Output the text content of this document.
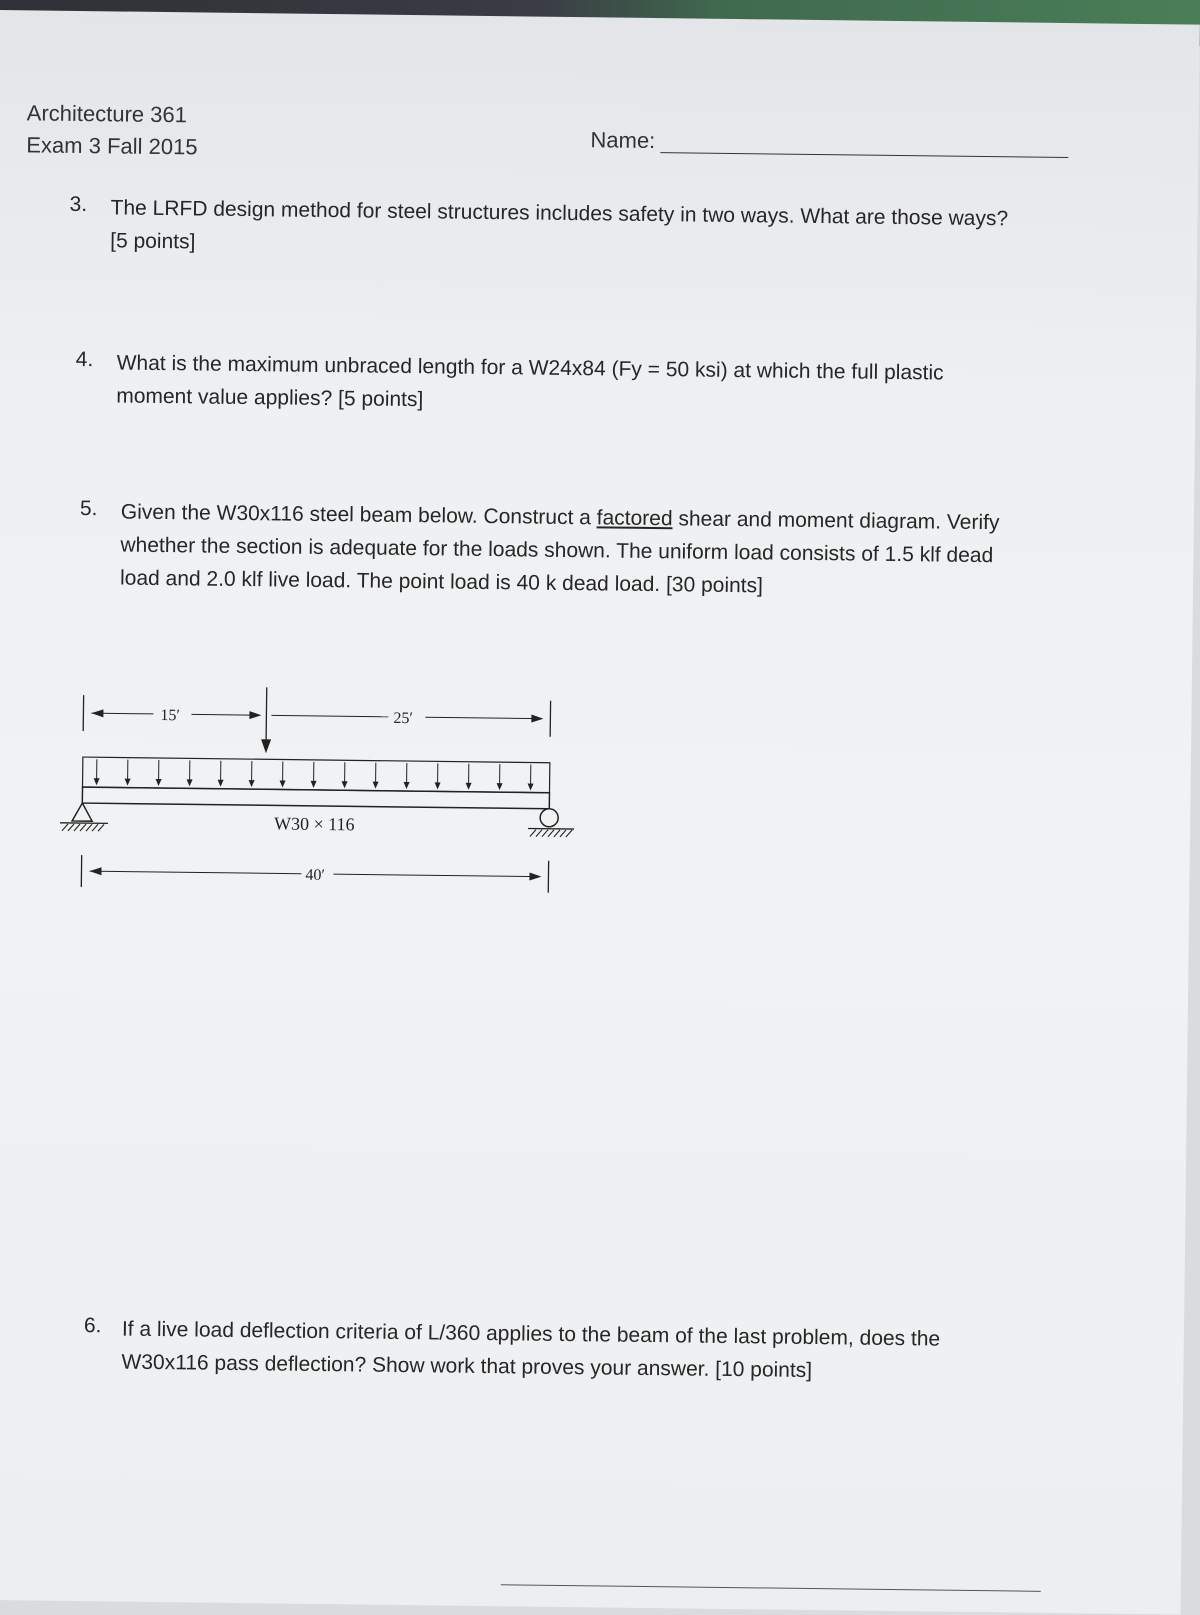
Architecture 361
Exam 3 Fall 2015	Name:
3. The LRFD design method for steel structures includes safety in two ways. What are those ways?
[5 points]
4. What is the maximum unbraced length for a W24x84 (Fy = 50 ksi) at which the full plastic
moment value applies? [5 points]
5. Given the W30x116 steel beam below. Construct a factored shear and moment diagram. Verify
whether the section is adequate for the loads shown. The uniform load consists of 1.5 klf dead
load and 2.0 klf live load. The point load is 40 k dead load. [30 points]
15′	25′
W30 × 116
40′
6. If a live load deflection criteria of L/360 applies to the beam of the last problem, does the
W30x116 pass deflection? Show work that proves your answer. [10 points]
